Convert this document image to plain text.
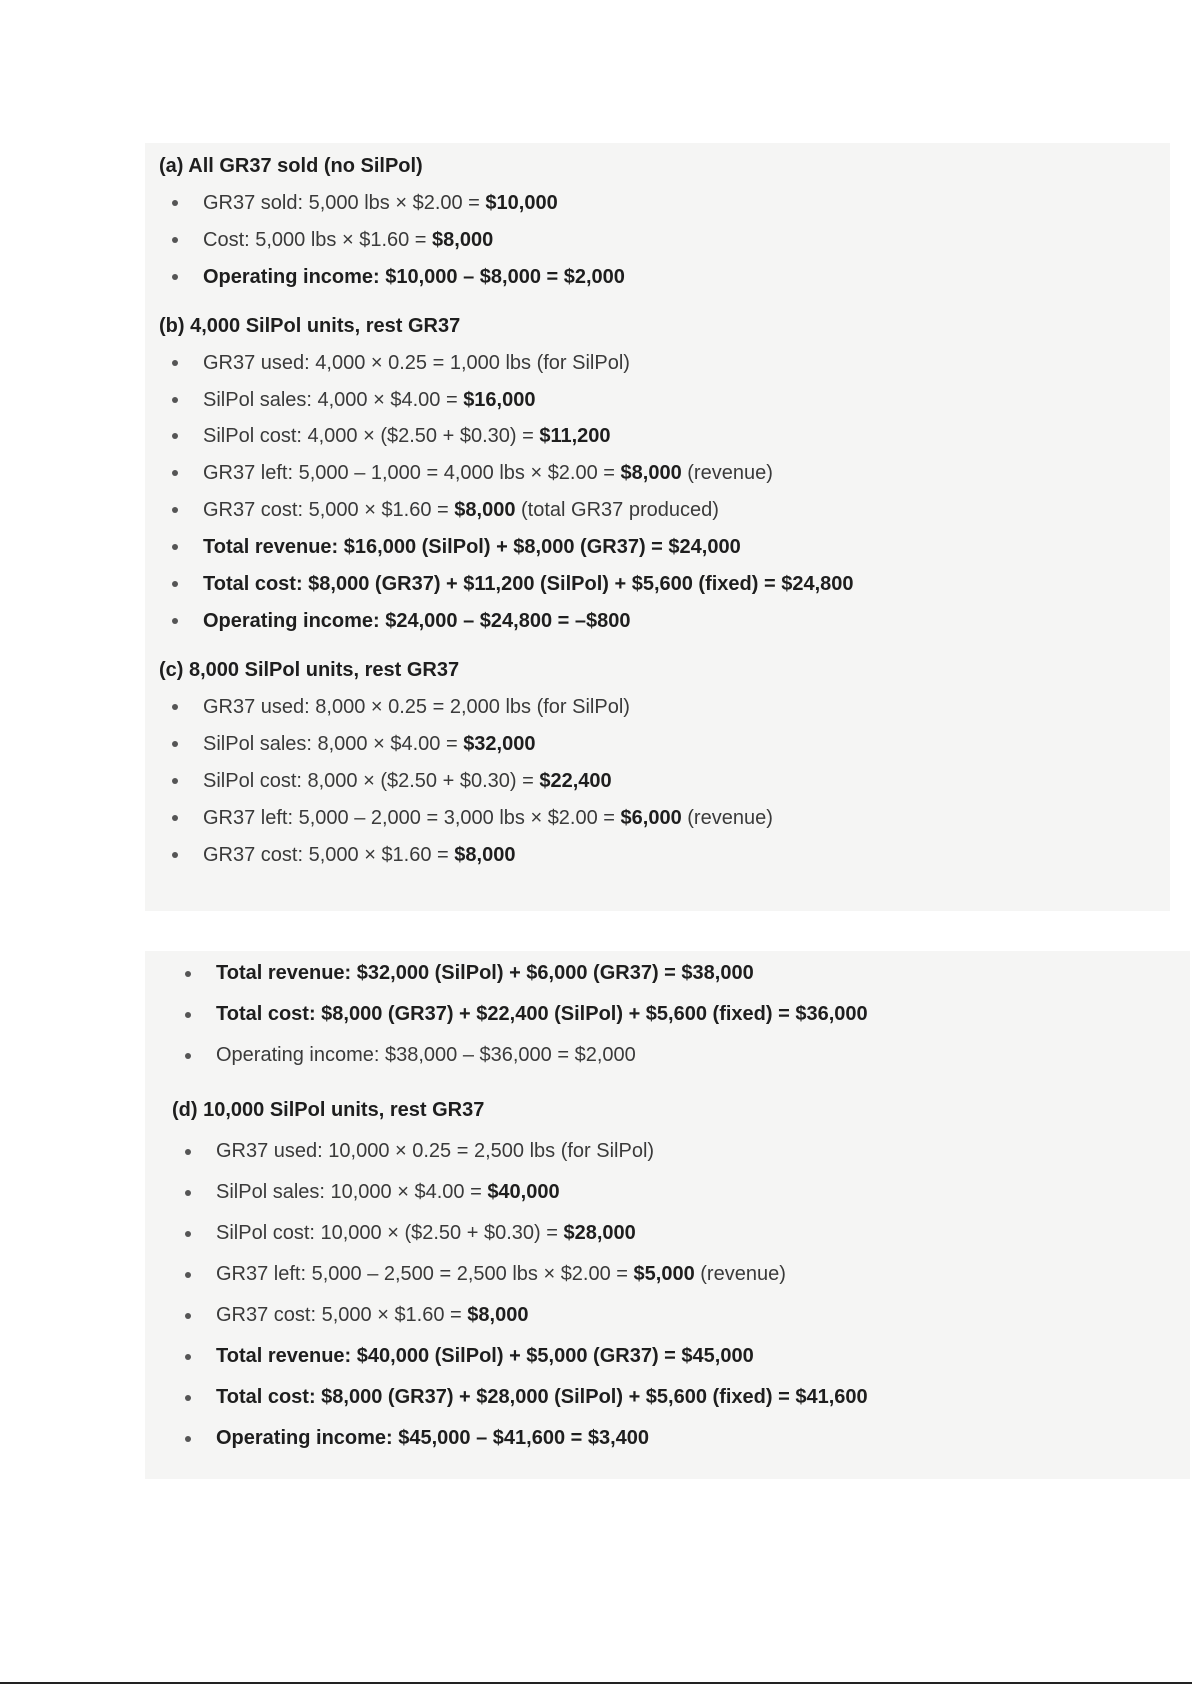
(a) All GR37 sold (no SilPol)
GR37 sold: 5,000 lbs × $2.00 = $10,000
Cost: 5,000 lbs × $1.60 = $8,000
Operating income: $10,000 – $8,000 = $2,000
(b) 4,000 SilPol units, rest GR37
GR37 used: 4,000 × 0.25 = 1,000 lbs (for SilPol)
SilPol sales: 4,000 × $4.00 = $16,000
SilPol cost: 4,000 × ($2.50 + $0.30) = $11,200
GR37 left: 5,000 – 1,000 = 4,000 lbs × $2.00 = $8,000 (revenue)
GR37 cost: 5,000 × $1.60 = $8,000 (total GR37 produced)
Total revenue: $16,000 (SilPol) + $8,000 (GR37) = $24,000
Total cost: $8,000 (GR37) + $11,200 (SilPol) + $5,600 (fixed) = $24,800
Operating income: $24,000 – $24,800 = –$800
(c) 8,000 SilPol units, rest GR37
GR37 used: 8,000 × 0.25 = 2,000 lbs (for SilPol)
SilPol sales: 8,000 × $4.00 = $32,000
SilPol cost: 8,000 × ($2.50 + $0.30) = $22,400
GR37 left: 5,000 – 2,000 = 3,000 lbs × $2.00 = $6,000 (revenue)
GR37 cost: 5,000 × $1.60 = $8,000
Total revenue: $32,000 (SilPol) + $6,000 (GR37) = $38,000
Total cost: $8,000 (GR37) + $22,400 (SilPol) + $5,600 (fixed) = $36,000
Operating income: $38,000 – $36,000 = $2,000
(d) 10,000 SilPol units, rest GR37
GR37 used: 10,000 × 0.25 = 2,500 lbs (for SilPol)
SilPol sales: 10,000 × $4.00 = $40,000
SilPol cost: 10,000 × ($2.50 + $0.30) = $28,000
GR37 left: 5,000 – 2,500 = 2,500 lbs × $2.00 = $5,000 (revenue)
GR37 cost: 5,000 × $1.60 = $8,000
Total revenue: $40,000 (SilPol) + $5,000 (GR37) = $45,000
Total cost: $8,000 (GR37) + $28,000 (SilPol) + $5,600 (fixed) = $41,600
Operating income: $45,000 – $41,600 = $3,400
